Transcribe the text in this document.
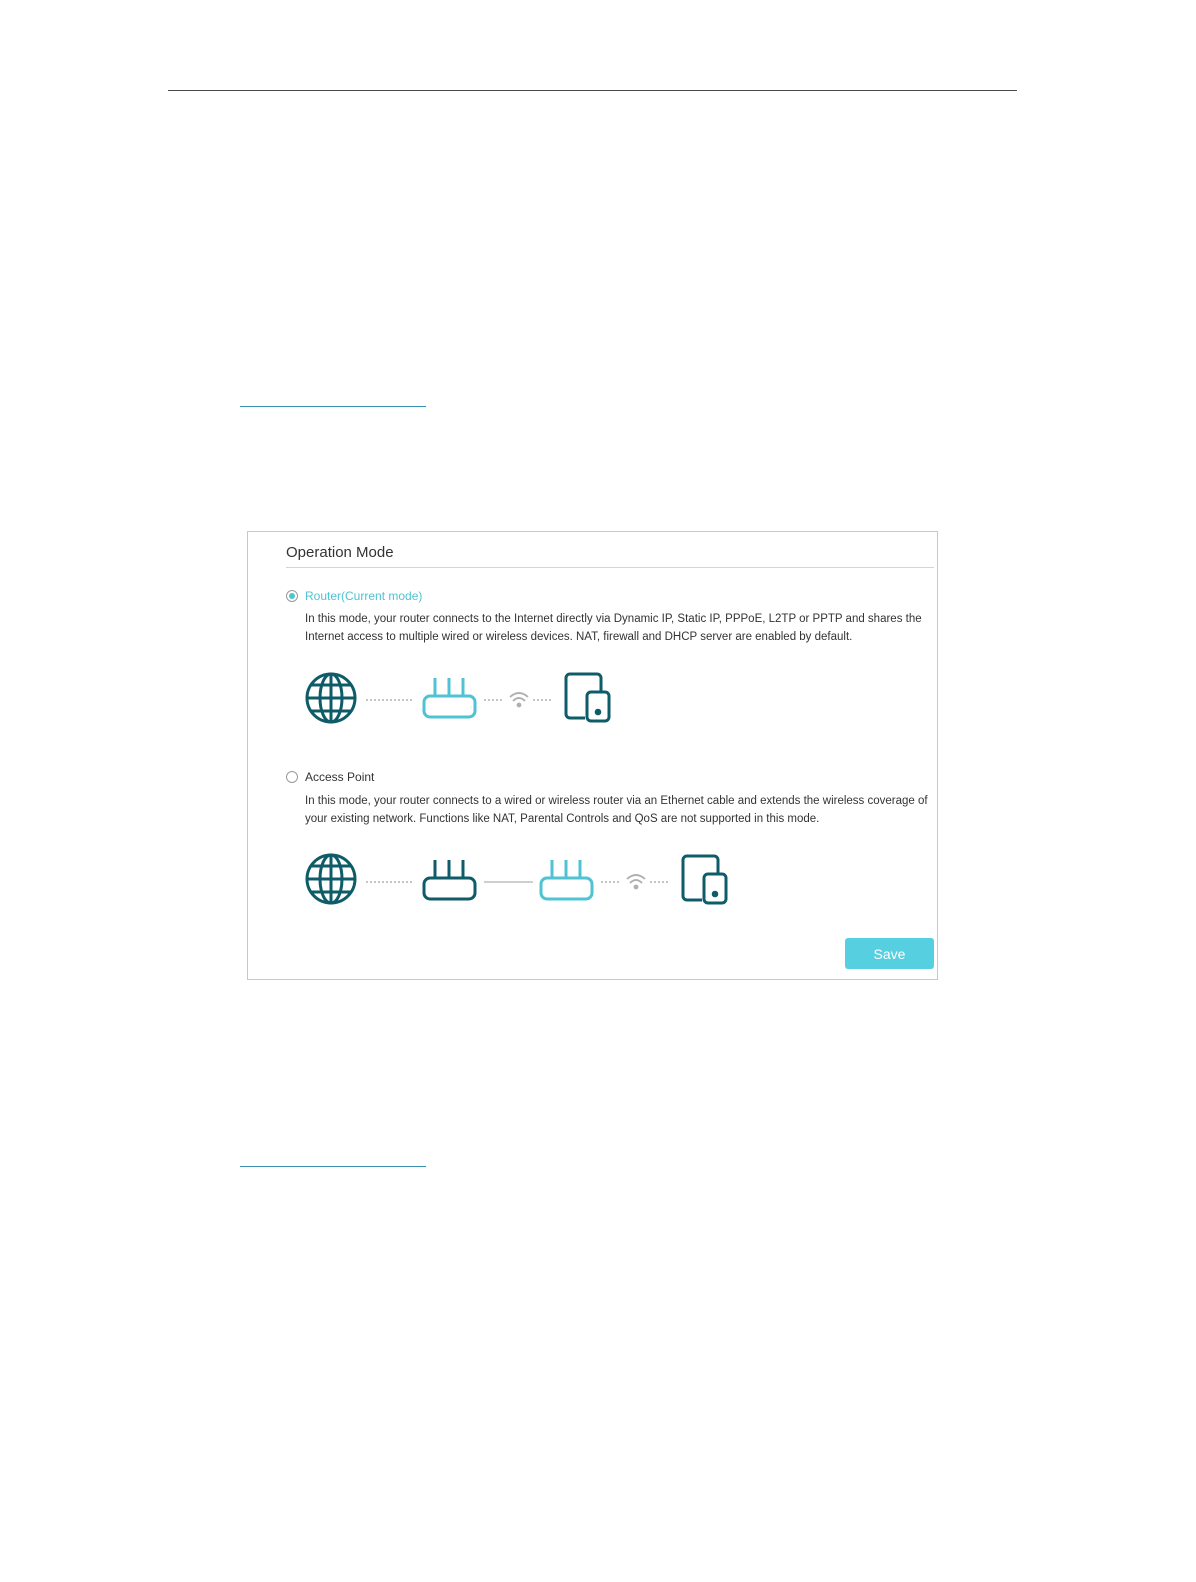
Operation Mode
Router(Current mode)
In this mode, your router connects to the Internet directly via Dynamic IP, Static IP, PPPoE, L2TP or PPTP and shares the Internet access to multiple wired or wireless devices. NAT, firewall and DHCP server are enabled by default.
Access Point
In this mode, your router connects to a wired or wireless router via an Ethernet cable and extends the wireless coverage of your existing network. Functions like NAT, Parental Controls and QoS are not supported in this mode.
Save
